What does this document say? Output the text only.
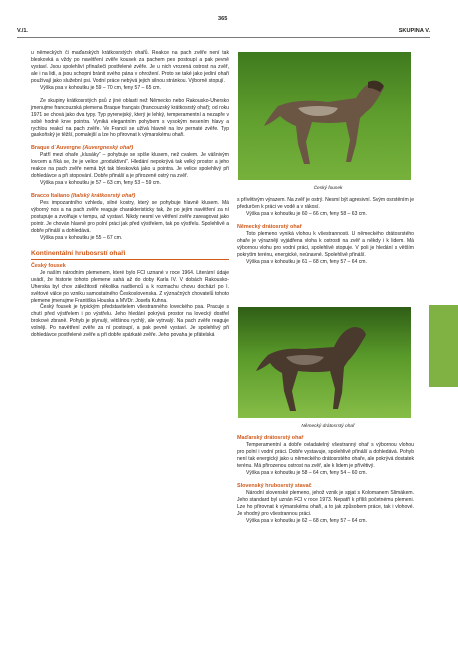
V./1.
365
SKUPINA V.

u německých či maďarských krátkosrstých ohařů. Reakce na pach zvěře není tak bleskovká a vždy po navětření zvěře kousek za pachem pes postoupí a pak pevně vystaví. Jsou spolehliví přinašeči postřelené zvěře. Je u nich vrozená ostrost na zvěř, ale i na lidi, a jsou schopni bránit svého pána v ohrožení. Proto se také jako jediní ohaři používají jako služební psi. Vodní práce nebývá jejich silnou stránkou. Výborně stopují.

Výška psa v kohoutku je 59 – 70 cm, feny 57 – 65 cm.

Ze skupiny krátkosrstých psů z jiné oblasti než Německo nebo Rakousko-Uhersko jmenujme francouzská plemena Braque français (francouzský krátkosrstý ohař); od roku 1971 se chová jako dva typy. Typ pyrenejský, který je lehký, temperamentní a nezapře v sobě hodně krve pointra. Vyniká elegantním pohybem s vysokým nesením hlavy a rychlou reakcí na pach zvěře. Ve Francii se užívá hlavně na lov pernaté zvěře. Typ gaskoňský je těžší, pomalejší a lze ho přirovnat k výmarskému ohaři.

Braque d´Auvergne (Auvergneský ohař)

Patří mezi ohaře „klusáky“ – pohybuje se spíše klusem, než cvalem. Je vášnivým lovcem a říká se, že je velice „produktivní“. Hledání nepokrývá tak velký prostor a jeho reakce na pach zvěře nemá být tak bleskovká jako u pointra. Je velice spolehlivý při dohledávce a při stopování. Dobře přináší a je přirozeně ostrý na zvěř.

Výška psa v kohoutku je 57 – 63 cm, feny 53 – 59 cm.

Bracco Italiano (Italský krátkosrstý ohař)

Pes impozantního vzhledu, silné kostry, který se pohybuje hlavně klusem. Má výborný nos a na pach zvěře reaguje charakteristicky tak, že po jejím navětření za ní postupuje a zvolňuje v tempu, až vystaví. Nikdy nesmí ve větření zvěře zareagovat jako pointr. Je chován hlavně pro polní práci jak před výstřelem, tak po výstřelu. Spolehlivě a dobře přináší a dohledává.

Výška psa v kohoutku je 55 – 67 cm.

Kontinentální hrubosrstí ohaři
Český fousek

Je naším národním plemenem, které bylo FCI uznané v roce 1964. Literární údaje uvádí, že historie tohoto plemene sahá až do doby Karla IV. V dobách Rakousko-Uherska byl chov záležitostí několika nadšenců a k rozmachu chovu dochází po I. světové válce po vzniku samostatného Československa. Z význačných chovatelů tohoto plemene jmenujme Františka Houska a MVDr. Josefa Kuhna.

Český fousek je typickým představitelem všestranného loveckého psa. Pracuje s chutí před výstřelem i po výstřelu. Jeho hledání pokrývá prostor na lovecký dostřel brokové zbraně. Pohyb je plynulý, většinou rychlý, ale vytrvalý. Na pach zvěře reaguje volněji. Po navětření zvěře za ní postoupí, a pak pevně vystaví. Je spolehlivý při dohledávce postřelené zvěře a při dobře spárkaté zvěře. Jeho povaha je přátelská

Český fousek

s přívětivým výrazem. Na zvěř je ostrý. Nesmí být agresivní. Svým osrstěním je předurčen k práci ve vodě a v rákosí.

Výška psa v kohoutku je 60 – 66 cm, feny 58 – 63 cm.

Německý drátosrstý ohař

Toto plemeno vyniká vlohou k všestrannosti. U německého drátosrstého ohaře je výrazněji vyjádřena vloha k ostrosti na zvěř a někdy i k lidem. Má výbornou vlohu pro vodní práci, spolehlivě stopuje. V poli je hledání s větším pokrytím terénu, energické, neúnavné. Spolehlivě přináší.

Výška psa v kohoutku je 61 – 68 cm, feny 57 – 64 cm.

Německý drátosrstý ohař
Maďarský drátosrstý ohař

Temperamentní a dobře ovladatelný všestranný ohař s výbornou vlohou pro polní i vodní práci. Dobře vystavuje, spolehlivě přináší a dohledává. Pohyb není tak energický jako u německého drátosrstého ohaře, ale pokrývá dostatek terénu. Má přirozenou ostrost na zvěř, ale k lidem je přívětivý.

Výška psa v kohoutku je 58 – 64 cm, feny 54 – 60 cm.

Slovenský hrubosrstý stavač

Národní slovenské plemeno, jehož vznik je spjat s Kolomanem Slimákem. Jeho standard byl uznán FCI v roce 1973. Nepatří k příliš početnému plemeni. Lze ho přirovnat k výmarskému ohaři, a to jak způsobem práce, tak i vlohové. Je vhodný pro všestrannou práci.

Výška psa v kohoutku je 62 – 68 cm, feny 57 – 64 cm.
